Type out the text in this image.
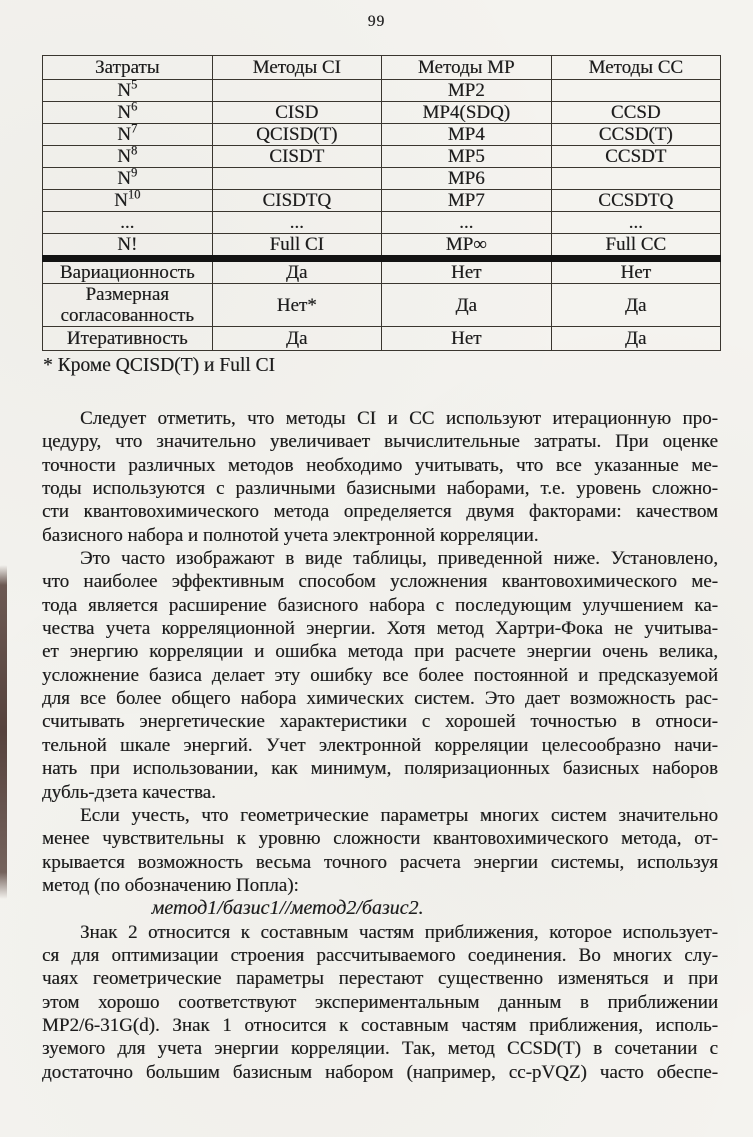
99
Затраты	Методы CI	Методы MP	Методы CC
$N^5$		MP2	
$N^6$	CISD	MP4(SDQ)	CCSD
$N^7$	QCISD(T)	MP4	CCSD(T)
$N^8$	CISDT	MP5	CCSDT
$N^9$		MP6	
$N^{10}$	CISDTQ	MP7	CCSDTQ
...	...	...	...
N!	Full CI	MP∞	Full CC
Вариационность	Да	Нет	Нет
Размерная согласованность	Нет*	Да	Да
Итеративность	Да	Нет	Да
* Кроме QCISD(T) и Full CI
Следует отметить, что методы CI и CC используют итерационную про-
цедуру, что значительно увеличивает вычислительные затраты. При оценке
точности различных методов необходимо учитывать, что все указанные ме-
тоды используются с различными базисными наборами, т.е. уровень сложно-
сти квантовохимического метода определяется двумя факторами: качеством
базисного набора и полнотой учета электронной корреляции.
Это часто изображают в виде таблицы, приведенной ниже. Установлено,
что наиболее эффективным способом усложнения квантовохимического ме-
тода является расширение базисного набора с последующим улучшением ка-
чества учета корреляционной энергии. Хотя метод Хартри-Фока не учитыва-
ет энергию корреляции и ошибка метода при расчете энергии очень велика,
усложнение базиса делает эту ошибку все более постоянной и предсказуемой
для все более общего набора химических систем. Это дает возможность рас-
считывать энергетические характеристики с хорошей точностью в относи-
тельной шкале энергий. Учет электронной корреляции целесообразно начи-
нать при использовании, как минимум, поляризационных базисных наборов
дубль-дзета качества.
Если учесть, что геометрические параметры многих систем значительно
менее чувствительны к уровню сложности квантовохимического метода, от-
крывается возможность весьма точного расчета энергии системы, используя
метод (по обозначению Попла):
метод1/базис1//метод2/базис2.
Знак 2 относится к составным частям приближения, которое использует-
ся для оптимизации строения рассчитываемого соединения. Во многих слу-
чаях геометрические параметры перестают существенно изменяться и при
этом хорошо соответствуют экспериментальным данным в приближении
MP2/6-31G(d). Знак 1 относится к составным частям приближения, исполь-
зуемого для учета энергии корреляции. Так, метод CCSD(T) в сочетании с
достаточно большим базисным набором (например, cc-pVQZ) часто обеспе-
